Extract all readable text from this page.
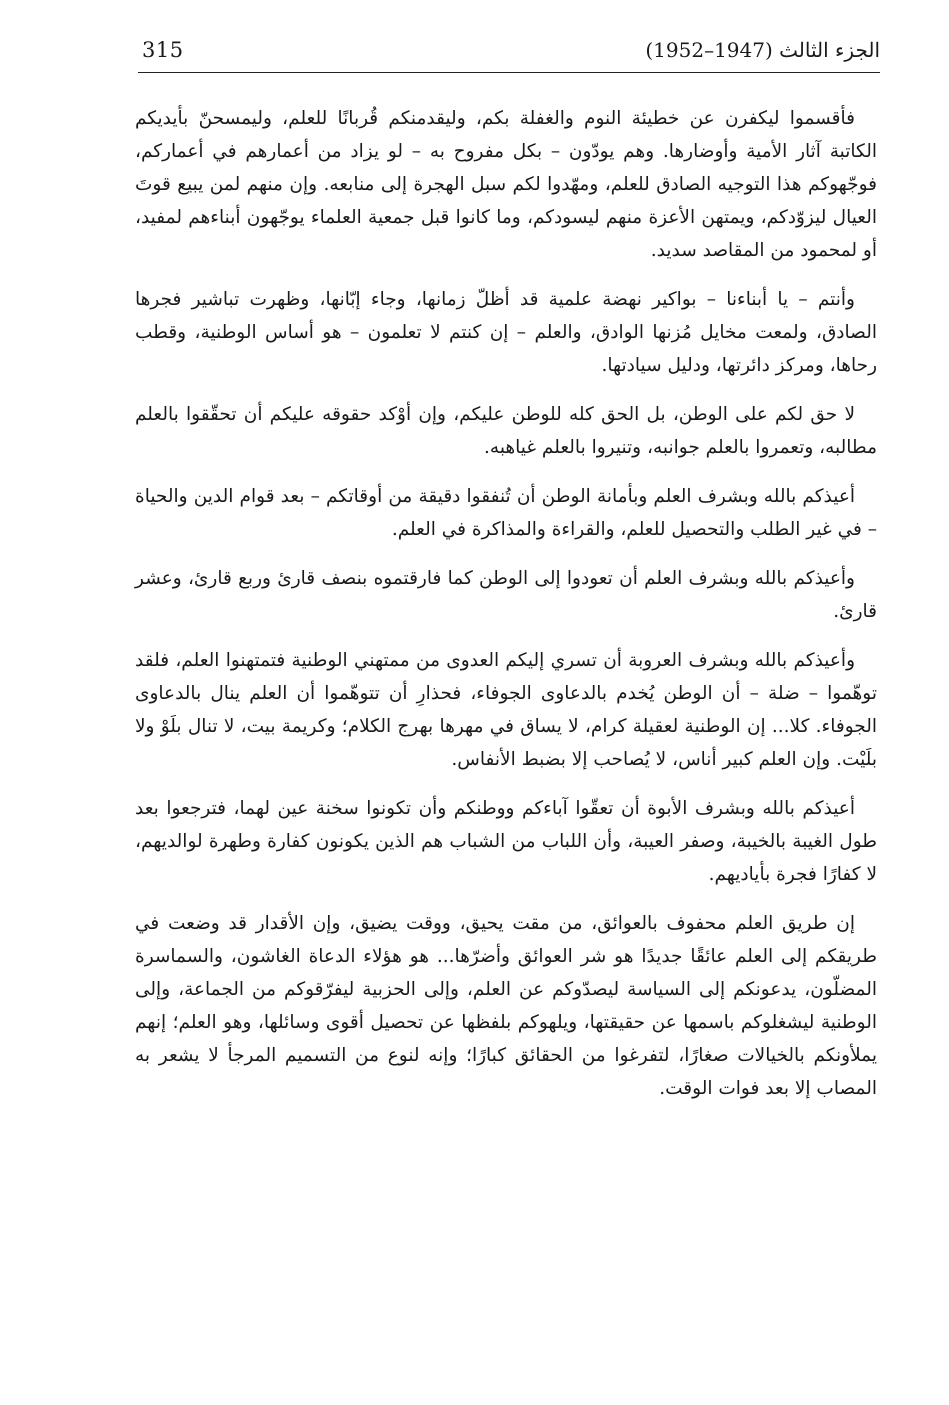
315	الجزء الثالث (1947–1952)

فأقسموا ليكفرن عن خطيئة النوم والغفلة بكم، وليقدمنكم قُربانًا للعلم، وليمسحنّ بأيديكم الكاتبة آثار الأمية وأوضارها. وهم يودّون – بكل مفروح به – لو يزاد من أعمارهم في أعماركم، فوجّهوكم هذا التوجيه الصادق للعلم، ومهّدوا لكم سبل الهجرة إلى منابعه. وإن منهم لمن يبيع قوتَ العيال ليزوّدكم، ويمتهن الأعزة منهم ليسودكم، وما كانوا قبل جمعية العلماء يوجّهون أبناءهم لمفيد، أو لمحمود من المقاصد سديد.

وأنتم – يا أبناءنا – بواكير نهضة علمية قد أظلّ زمانها، وجاء إبّانها، وظهرت تباشير فجرها الصادق، ولمعت مخايل مُزنها الوادق، والعلم – إن كنتم لا تعلمون – هو أساس الوطنية، وقطب رحاها، ومركز دائرتها، ودليل سيادتها.

لا حق لكم على الوطن، بل الحق كله للوطن عليكم، وإن أوْكد حقوقه عليكم أن تحقّقوا بالعلم مطالبه، وتعمروا بالعلم جوانبه، وتنيروا بالعلم غياهبه.

أعيذكم بالله وبشرف العلم وبأمانة الوطن أن تُنفقوا دقيقة من أوقاتكم – بعد قوام الدين والحياة – في غير الطلب والتحصيل للعلم، والقراءة والمذاكرة في العلم.

وأعيذكم بالله وبشرف العلم أن تعودوا إلى الوطن كما فارقتموه بنصف قارئ وربع قارئ، وعشر قارئ.

وأعيذكم بالله وبشرف العروبة أن تسري إليكم العدوى من ممتهني الوطنية فتمتهنوا العلم، فلقد توهّموا – ضلة – أن الوطن يُخدم بالدعاوى الجوفاء، فحذارِ أن تتوهّموا أن العلم ينال بالدعاوى الجوفاء. كلا... إن الوطنية لعقيلة كرام، لا يساق في مهرها بهرج الكلام؛ وكريمة بيت، لا تنال بلَوْ ولا بلَيْت. وإن العلم كبير أناس، لا يُصاحب إلا بضبط الأنفاس.

أعيذكم بالله وبشرف الأبوة أن تعقّوا آباءكم ووطنكم وأن تكونوا سخنة عين لهما، فترجعوا بعد طول الغيبة بالخيبة، وصفر العيبة، وأن اللباب من الشباب هم الذين يكونون كفارة وطهرة لوالديهم، لا كفارًا فجرة بأياديهم.

إن طريق العلم محفوف بالعوائق، من مقت يحيق، ووقت يضيق، وإن الأقدار قد وضعت في طريقكم إلى العلم عائقًا جديدًا هو شر العوائق وأضرّها... هو هؤلاء الدعاة الغاشون، والسماسرة المضلّون، يدعونكم إلى السياسة ليصدّوكم عن العلم، وإلى الحزبية ليفرّقوكم من الجماعة، وإلى الوطنية ليشغلوكم باسمها عن حقيقتها، ويلهوكم بلفظها عن تحصيل أقوى وسائلها، وهو العلم؛ إنهم يملأونكم بالخيالات صغارًا، لتفرغوا من الحقائق كبارًا؛ وإنه لنوع من التسميم المرجأ لا يشعر به المصاب إلا بعد فوات الوقت.
